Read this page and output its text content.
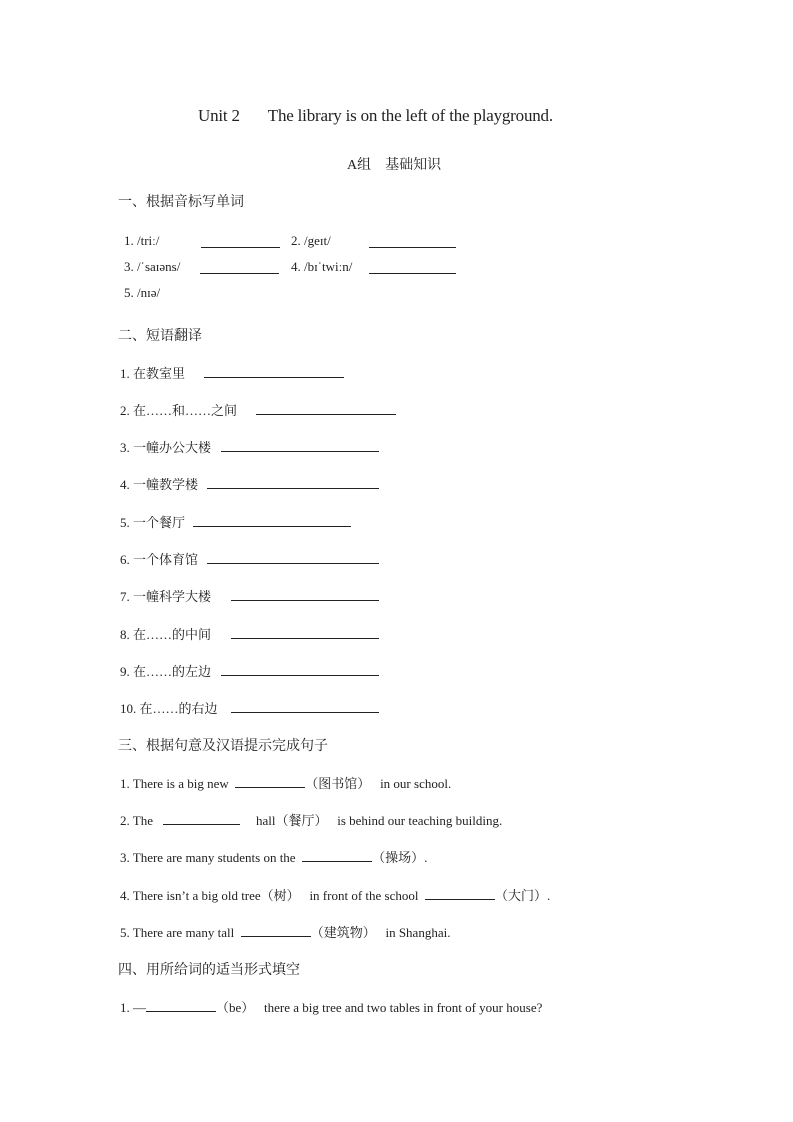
Unit 2 The library is on the left of the playground.
A组　基础知识
一、根据音标写单词
1. /triː/	2. /geɪt/
3. /ˈsaɪəns/	4. /bɪˈtwiːn/
5. /nɪə/
二、短语翻译
1. 在教室里
2. 在……和……之间
3. 一幢办公大楼
4. 一幢教学楼
5. 一个餐厅
6. 一个体育馆
7. 一幢科学大楼
8. 在……的中间
9. 在……的左边
10. 在……的右边
三、根据句意及汉语提示完成句子
1. There is a big new	（图书馆） in our school.
2. The	hall（餐厅） is behind our teaching building.
3. There are many students on the	（操场）.
4. There isn’t a big old tree（树） in front of the school	（大门）.
5. There are many tall	（建筑物） in Shanghai.
四、用所给词的适当形式填空
1. —	（be） there a big tree and two tables in front of your house?
